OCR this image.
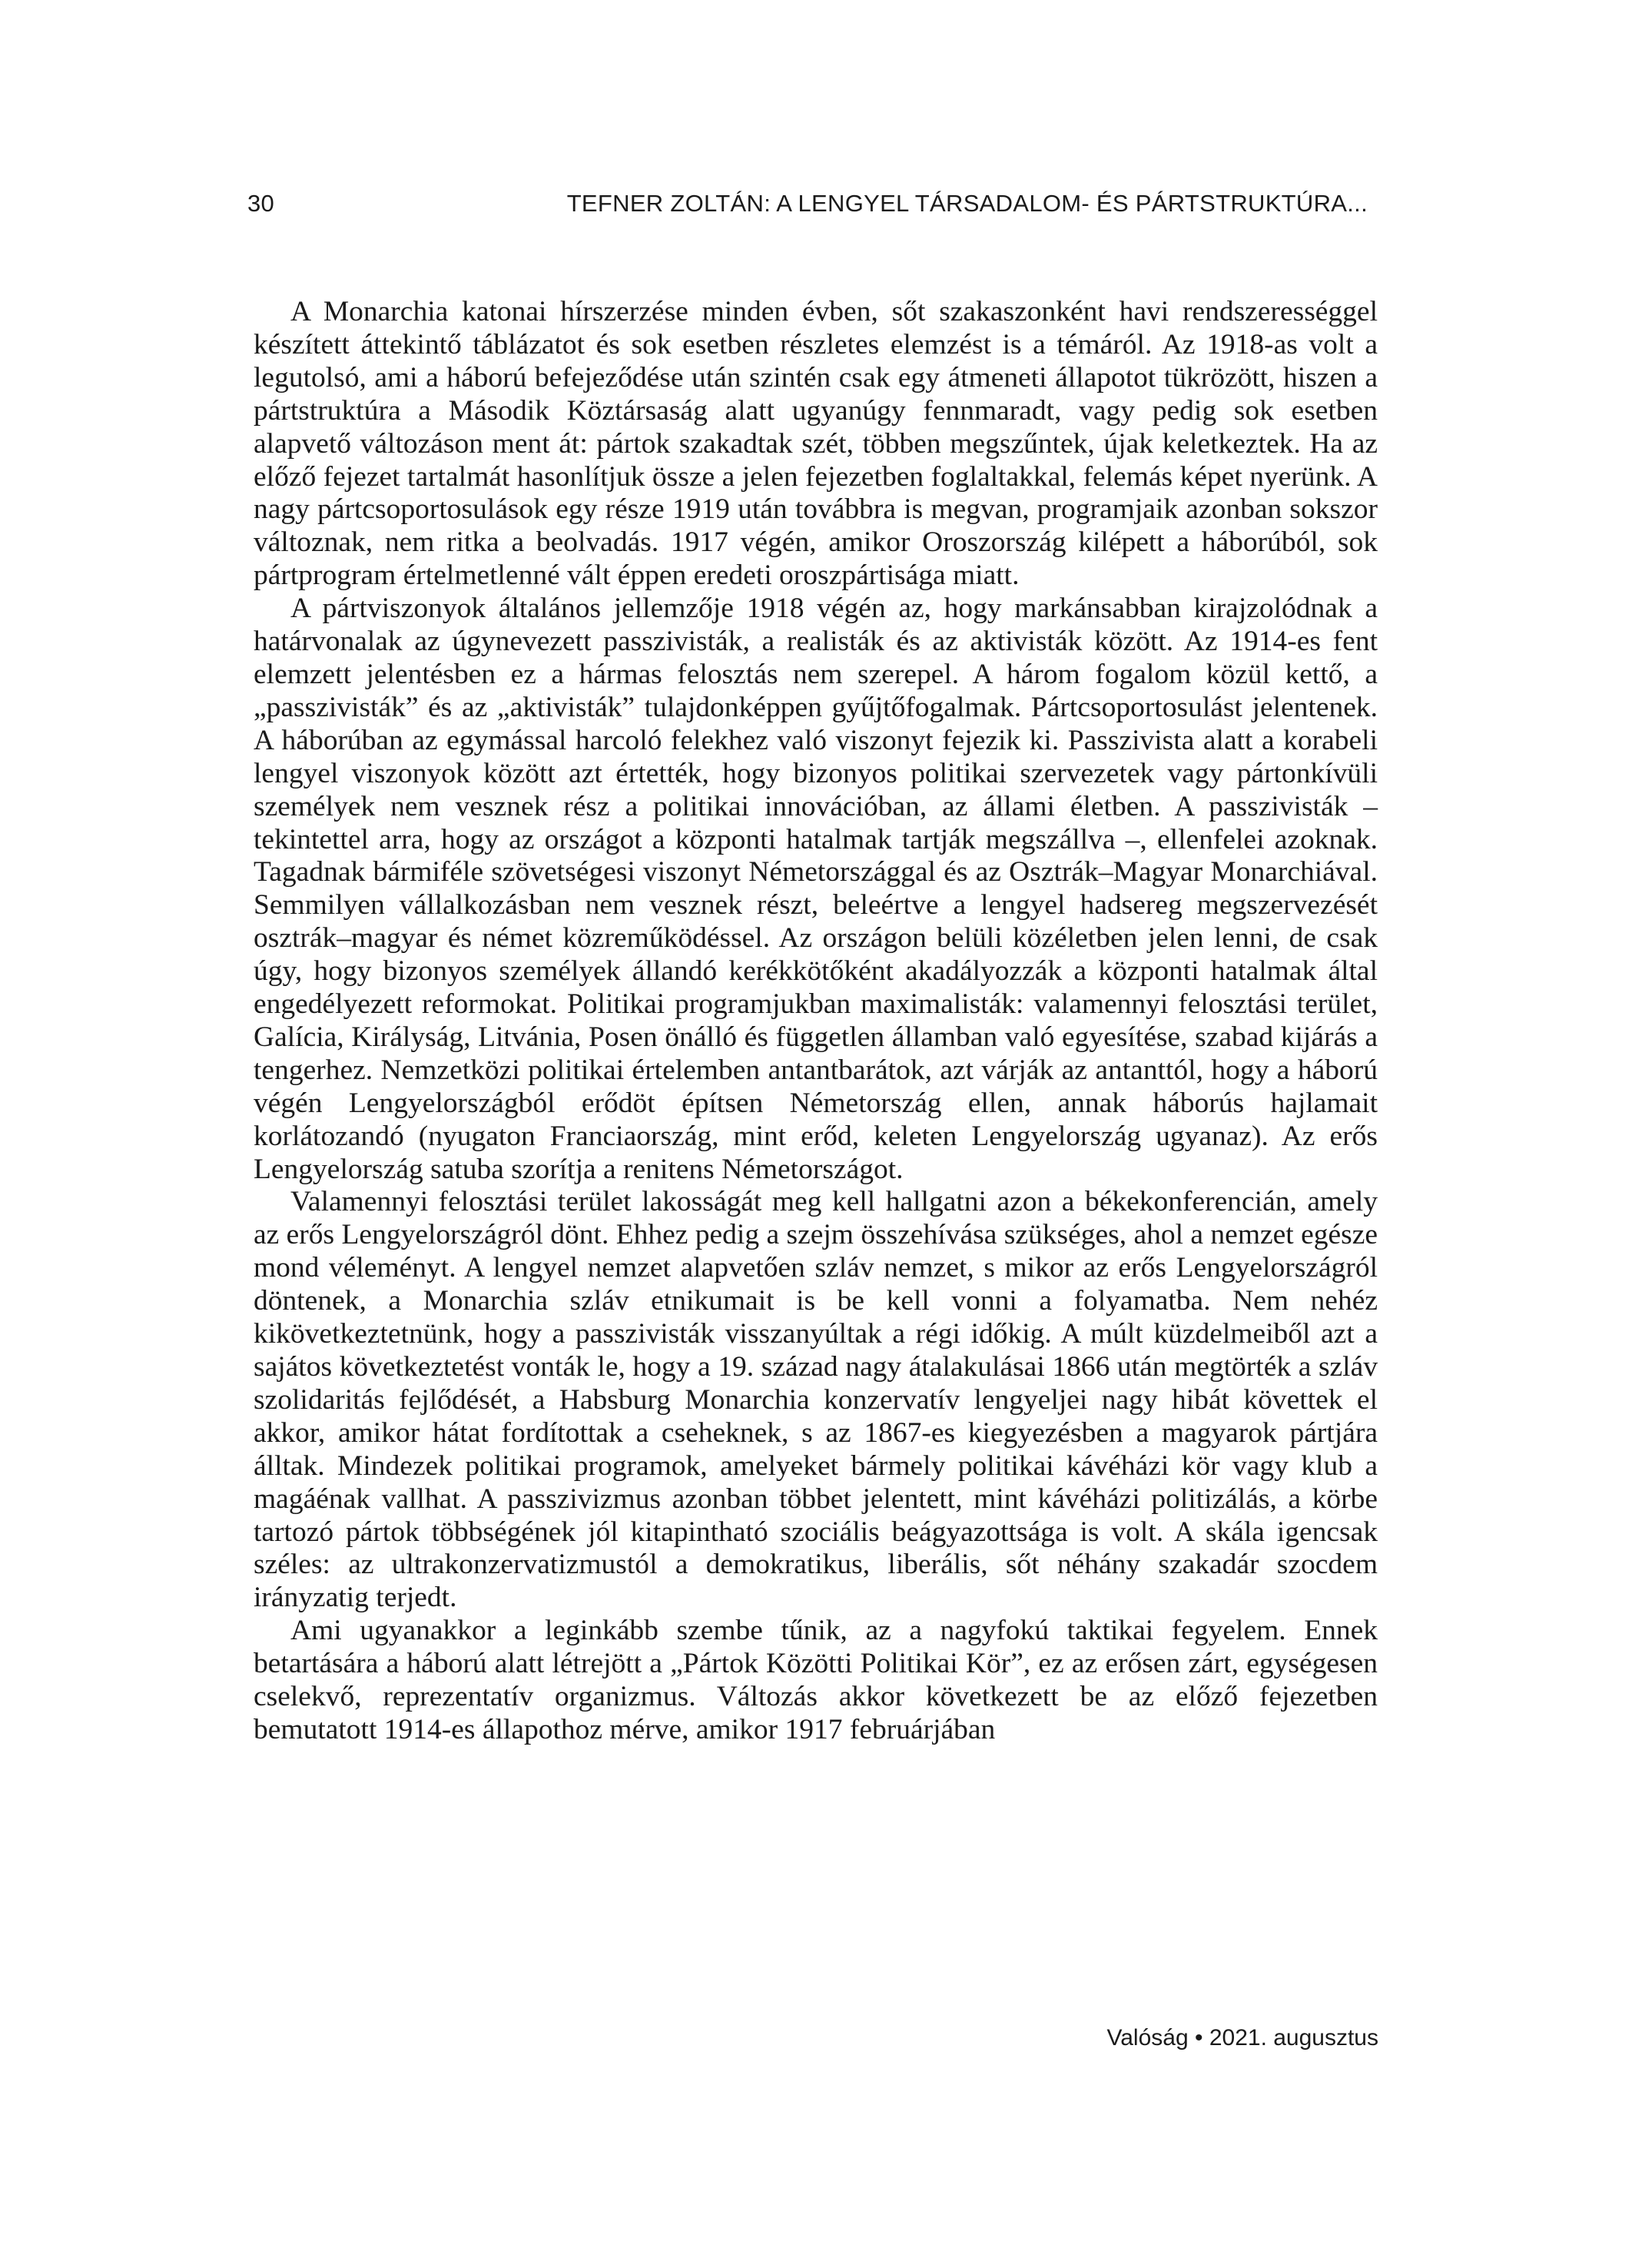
30	TEFNER ZOLTÁN: A LENGYEL TÁRSADALOM- ÉS PÁRTSTRUKTÚRA...

A Monarchia katonai hírszerzése minden évben, sőt szakaszonként havi rendszerességgel készített áttekintő táblázatot és sok esetben részletes elemzést is a témáról. Az 1918-as volt a legutolsó, ami a háború befejeződése után szintén csak egy átmeneti állapotot tükrözött, hiszen a pártstruktúra a Második Köztársaság alatt ugyanúgy fennmaradt, vagy pedig sok esetben alapvető változáson ment át: pártok szakadtak szét, többen megszűntek, újak keletkeztek. Ha az előző fejezet tartalmát hasonlítjuk össze a jelen fejezetben foglaltakkal, felemás képet nyerünk. A nagy pártcsoportosulások egy része 1919 után továbbra is megvan, programjaik azonban sokszor változnak, nem ritka a beolvadás. 1917 végén, amikor Oroszország kilépett a háborúból, sok pártprogram értelmetlenné vált éppen eredeti oroszpártisága miatt.

A pártviszonyok általános jellemzője 1918 végén az, hogy markánsabban kirajzolódnak a határvonalak az úgynevezett passzivisták, a realisták és az aktivisták között. Az 1914-es fent elemzett jelentésben ez a hármas felosztás nem szerepel. A három fogalom közül kettő, a „passzivisták” és az „aktivisták” tulajdonképpen gyűjtőfogalmak. Pártcsoportosulást jelentenek. A háborúban az egymással harcoló felekhez való viszonyt fejezik ki. Passzivista alatt a korabeli lengyel viszonyok között azt értették, hogy bizonyos politikai szervezetek vagy pártonkívüli személyek nem vesznek rész a politikai innovációban, az állami életben. A passzivisták – tekintettel arra, hogy az országot a központi hatalmak tartják megszállva –, ellenfelei azoknak. Tagadnak bármiféle szövetségesi viszonyt Németországgal és az Osztrák–Magyar Monarchiával. Semmilyen vállalkozásban nem vesznek részt, beleértve a lengyel hadsereg megszervezését osztrák–magyar és német közreműködéssel. Az országon belüli közéletben jelen lenni, de csak úgy, hogy bizonyos személyek állandó kerékkötőként akadályozzák a központi hatalmak által engedélyezett reformokat. Politikai programjukban maximalisták: valamennyi felosztási terület, Galícia, Királyság, Litvánia, Posen önálló és független államban való egyesítése, szabad kijárás a tengerhez. Nemzetközi politikai értelemben antantbarátok, azt várják az antanttól, hogy a háború végén Lengyelországból erődöt építsen Németország ellen, annak háborús hajlamait korlátozandó (nyugaton Franciaország, mint erőd, keleten Lengyelország ugyanaz). Az erős Lengyelország satuba szorítja a renitens Németországot.

Valamennyi felosztási terület lakosságát meg kell hallgatni azon a békekonferencián, amely az erős Lengyelországról dönt. Ehhez pedig a szejm összehívása szükséges, ahol a nemzet egésze mond véleményt. A lengyel nemzet alapvetően szláv nemzet, s mikor az erős Lengyelországról döntenek, a Monarchia szláv etnikumait is be kell vonni a folyamatba. Nem nehéz kikövetkeztetnünk, hogy a passzivisták visszanyúltak a régi időkig. A múlt küzdelmeiből azt a sajátos következtetést vonták le, hogy a 19. század nagy átalakulásai 1866 után megtörték a szláv szolidaritás fejlődését, a Habsburg Monarchia konzervatív lengyeljei nagy hibát követtek el akkor, amikor hátat fordítottak a cseheknek, s az 1867-es kiegyezésben a magyarok pártjára álltak. Mindezek politikai programok, amelyeket bármely politikai kávéházi kör vagy klub a magáénak vallhat. A passzivizmus azonban többet jelentett, mint kávéházi politizálás, a körbe tartozó pártok többségének jól kitapintható szociális beágyazottsága is volt. A skála igencsak széles: az ultrakonzervatizmustól a demokratikus, liberális, sőt néhány szakadár szocdem irányzatig terjedt.

Ami ugyanakkor a leginkább szembe tűnik, az a nagyfokú taktikai fegyelem. Ennek betartására a háború alatt létrejött a „Pártok Közötti Politikai Kör”, ez az erősen zárt, egységesen cselekvő, reprezentatív organizmus. Változás akkor következett be az előző fejezetben bemutatott 1914-es állapothoz mérve, amikor 1917 februárjában

Valóság • 2021. augusztus
